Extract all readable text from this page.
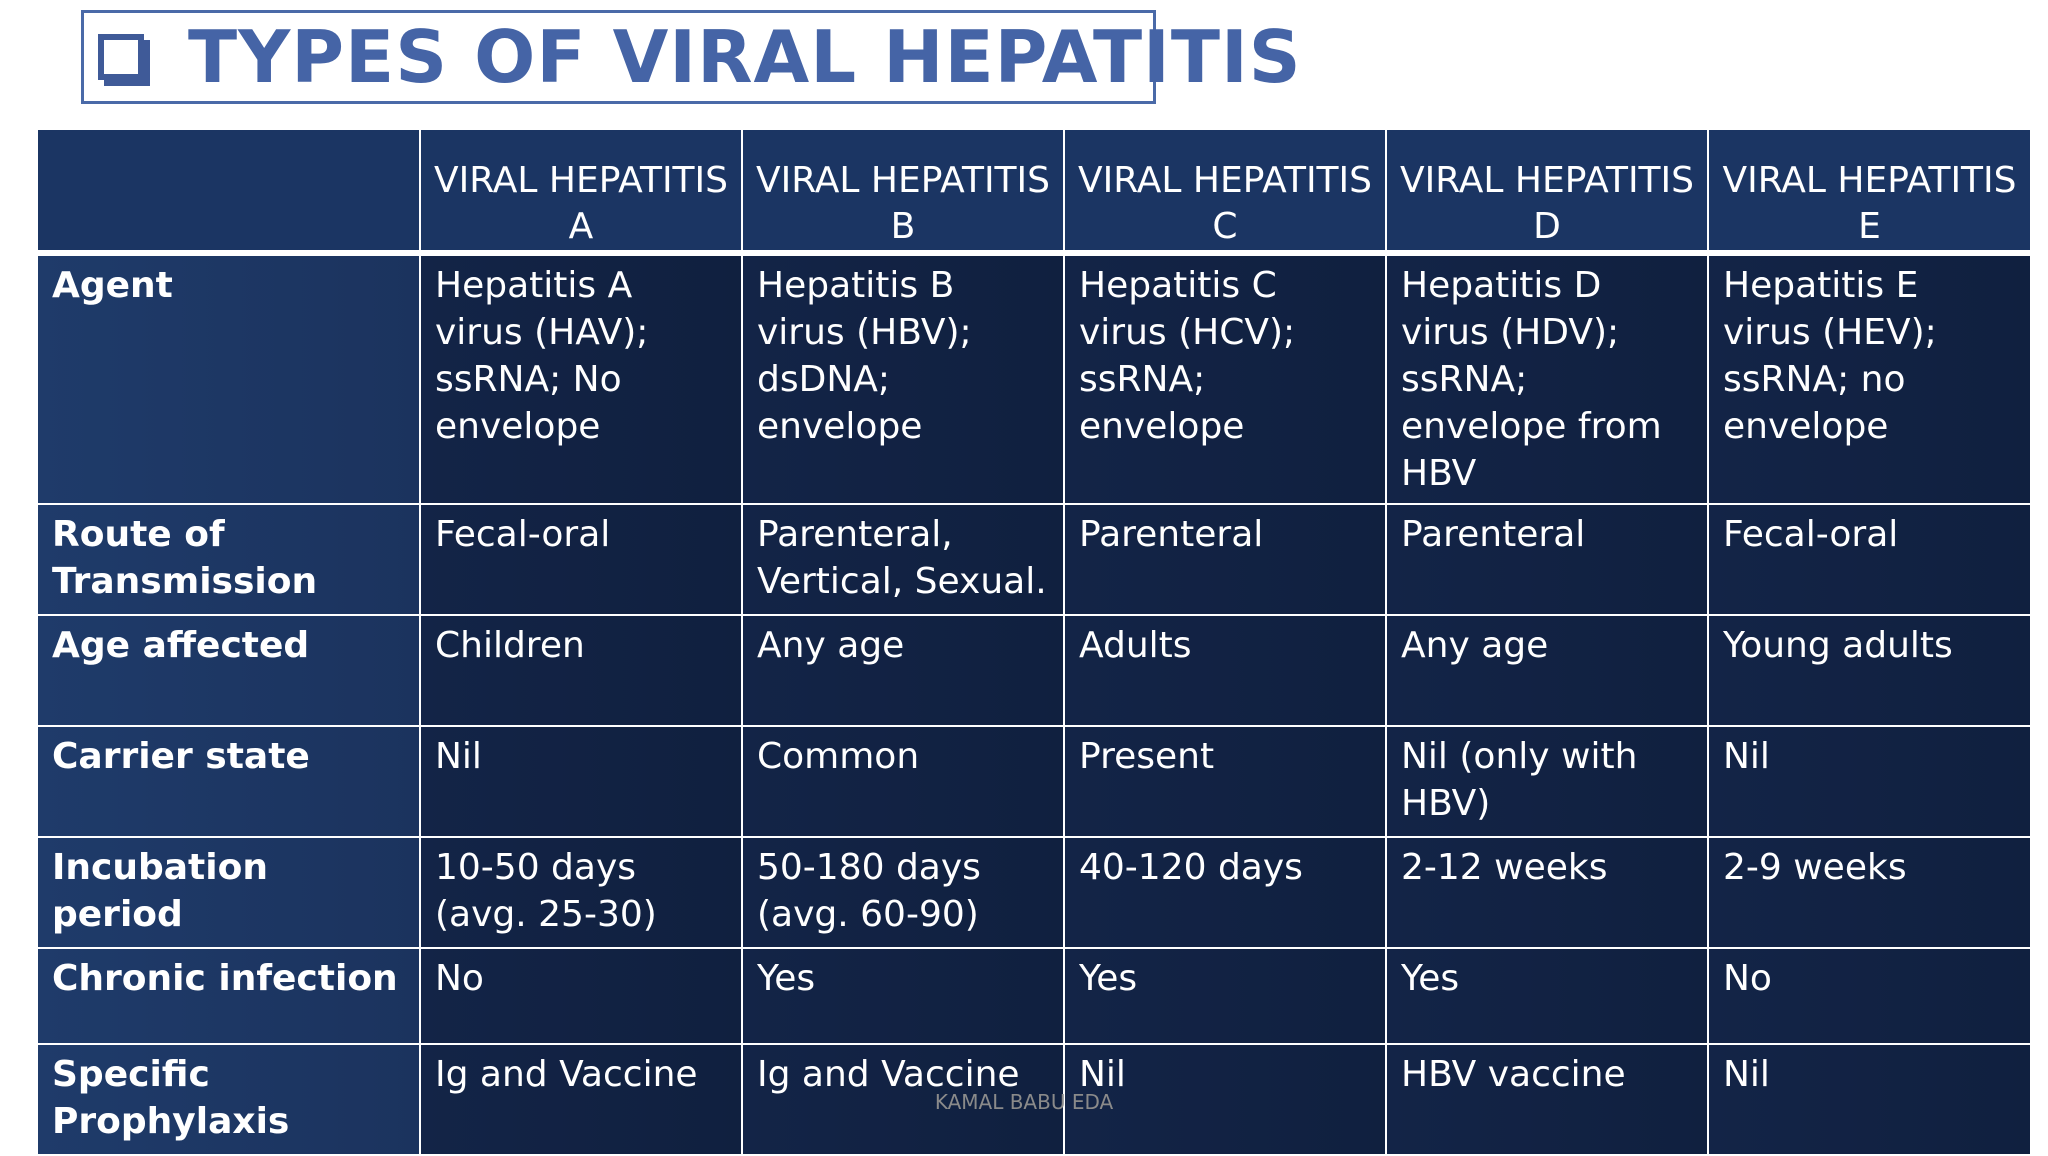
TYPES OF VIRAL HEPATITIS
	VIRAL HEPATITIS A	VIRAL HEPATITIS B	VIRAL HEPATITIS C	VIRAL HEPATITIS D	VIRAL HEPATITIS E
Agent	Hepatitis A virus (HAV); ssRNA; No envelope	Hepatitis B virus (HBV); dsDNA; envelope	Hepatitis C virus (HCV); ssRNA; envelope	Hepatitis D virus (HDV); ssRNA; envelope from HBV	Hepatitis E virus (HEV); ssRNA; no envelope
Route of Transmission	Fecal-oral	Parenteral, Vertical, Sexual.	Parenteral	Parenteral	Fecal-oral
Age affected	Children	Any age	Adults	Any age	Young adults
Carrier state	Nil	Common	Present	Nil (only with HBV)	Nil
Incubation period	10-50 days (avg. 25-30)	50-180 days (avg. 60-90)	40-120 days	2-12 weeks	2-9 weeks
Chronic infection	No	Yes	Yes	Yes	No
Specific Prophylaxis	Ig and Vaccine	Ig and Vaccine	Nil	HBV vaccine	Nil
KAMAL BABU EDA
